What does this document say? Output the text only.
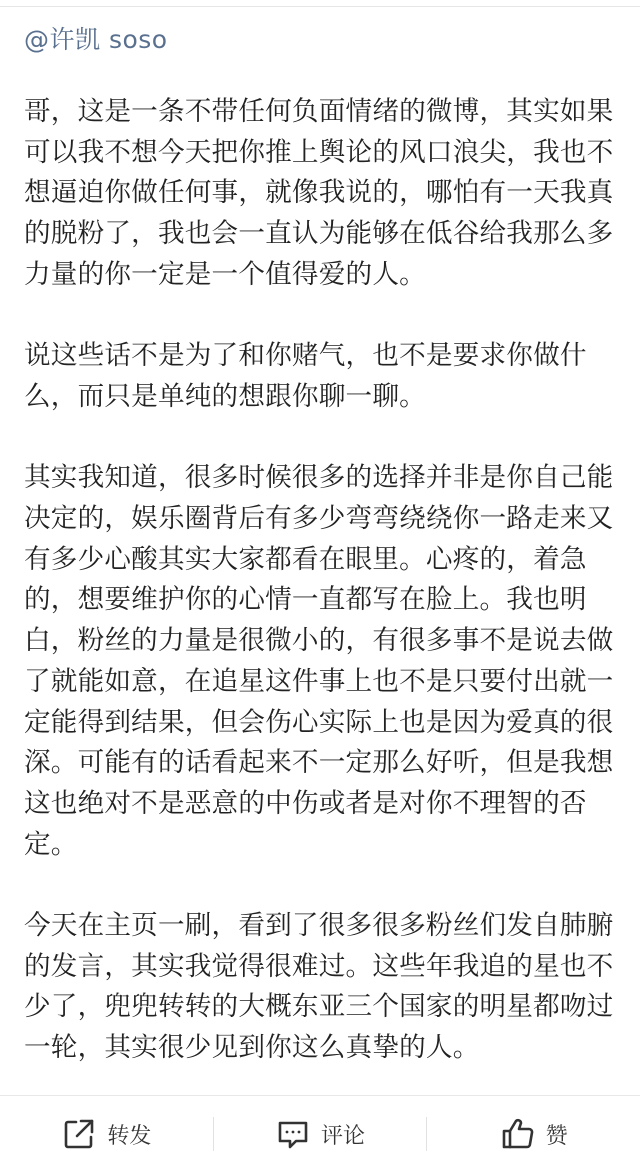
@许凯 soso

哥，这是一条不带任何负面情绪的微博，其实如果可以我不想今天把你推上舆论的风口浪尖，我也不想逼迫你做任何事，就像我说的，哪怕有一天我真的脱粉了，我也会一直认为能够在低谷给我那么多力量的你一定是一个值得爱的人。

说这些话不是为了和你赌气，也不是要求你做什么，而只是单纯的想跟你聊一聊。

其实我知道，很多时候很多的选择并非是你自己能决定的，娱乐圈背后有多少弯弯绕绕你一路走来又有多少心酸其实大家都看在眼里。心疼的，着急的，想要维护你的心情一直都写在脸上。我也明白，粉丝的力量是很微小的，有很多事不是说去做了就能如意，在追星这件事上也不是只要付出就一定能得到结果，但会伤心实际上也是因为爱真的很深。可能有的话看起来不一定那么好听，但是我想这也绝对不是恶意的中伤或者是对你不理智的否定。

今天在主页一刷，看到了很多很多粉丝们发自肺腑的发言，其实我觉得很难过。这些年我追的星也不少了，兜兜转转的大概东亚三个国家的明星都吻过一轮，其实很少见到你这么真挚的人。

转发	评论	赞
